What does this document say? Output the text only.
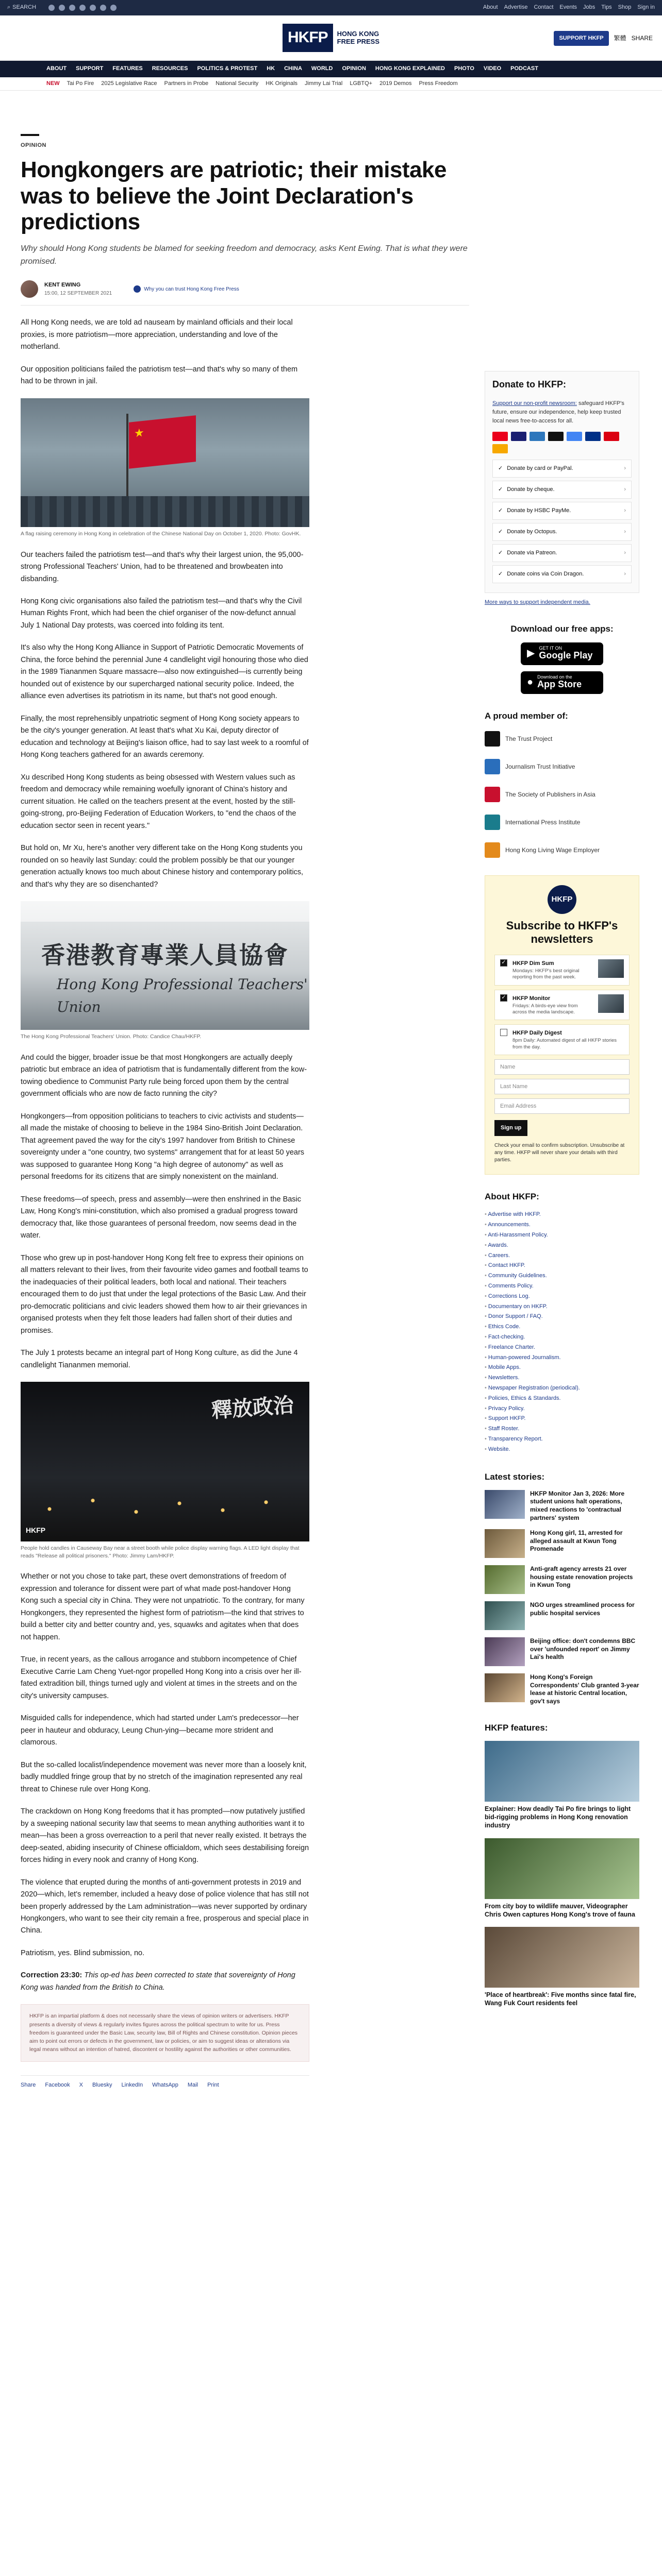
⌕ SEARCH	About Advertise Contact Events Jobs Tips Shop Sign in
HKFP	HONG KONG
FREE PRESS	SUPPORT HKFP	繁體 SHARE
ABOUT SUPPORT FEATURES RESOURCES POLITICS & PROTEST HK CHINA WORLD OPINION HONG KONG EXPLAINED PHOTO VIDEO PODCAST
NEW Tai Po Fire 2025 Legislative Race Partners in Probe National Security HK Originals Jimmy Lai Trial LGBTQ+ 2019 Demos Press Freedom
OPINION
Hongkongers are patriotic; their mistake was to believe the Joint Declaration's predictions
Why should Hong Kong students be blamed for seeking freedom and democracy, asks Kent Ewing. That is what they were promised.
KENT EWING
15:00, 12 SEPTEMBER 2021
Why you can trust Hong Kong Free Press

All Hong Kong needs, we are told ad nauseam by mainland officials and their local proxies, is more patriotism—more appreciation, understanding and love of the motherland.

Our opposition politicians failed the patriotism test—and that's why so many of them had to be thrown in jail.

★
A flag raising ceremony in Hong Kong in celebration of the Chinese National Day on October 1, 2020. Photo: GovHK.

Our teachers failed the patriotism test—and that's why their largest union, the 95,000-strong Professional Teachers' Union, had to be threatened and browbeaten into disbanding.

Hong Kong civic organisations also failed the patriotism test—and that's why the Civil Human Rights Front, which had been the chief organiser of the now-defunct annual July 1 National Day protests, was coerced into folding its tent.

It's also why the Hong Kong Alliance in Support of Patriotic Democratic Movements of China, the force behind the perennial June 4 candlelight vigil honouring those who died in the 1989 Tiananmen Square massacre—also now extinguished—is currently being hounded out of existence by our supercharged national security police. Indeed, the alliance even advertises its patriotism in its name, but that's not good enough.

Finally, the most reprehensibly unpatriotic segment of Hong Kong society appears to be the city's younger generation. At least that's what Xu Kai, deputy director of education and technology at Beijing's liaison office, had to say last week to a roomful of Hong Kong teachers gathered for an awards ceremony.

Xu described Hong Kong students as being obsessed with Western values such as freedom and democracy while remaining woefully ignorant of China's history and current situation. He called on the teachers present at the event, hosted by the still-going-strong, pro-Beijing Federation of Education Workers, to "end the chaos of the education sector seen in recent years."

But hold on, Mr Xu, here's another very different take on the Hong Kong students you rounded on so heavily last Sunday: could the problem possibly be that our younger generation actually knows too much about Chinese history and contemporary politics, and that's why they are so disenchanted?

香港教育專業人員協會
Hong Kong Professional Teachers' Union
The Hong Kong Professional Teachers' Union. Photo: Candice Chau/HKFP.

And could the bigger, broader issue be that most Hongkongers are actually deeply patriotic but embrace an idea of patriotism that is fundamentally different from the kow-towing obedience to Communist Party rule being forced upon them by the central government officials who are now de facto running the city?

Hongkongers—from opposition politicians to teachers to civic activists and students—all made the mistake of choosing to believe in the 1984 Sino-British Joint Declaration. That agreement paved the way for the city's 1997 handover from British to Chinese sovereignty under a "one country, two systems" arrangement that for at least 50 years was supposed to guarantee Hong Kong "a high degree of autonomy" as well as personal freedoms for its citizens that are simply nonexistent on the mainland.

These freedoms—of speech, press and assembly—were then enshrined in the Basic Law, Hong Kong's mini-constitution, which also promised a gradual progress toward democracy that, like those guarantees of personal freedom, now seems dead in the water.

Those who grew up in post-handover Hong Kong felt free to express their opinions on all matters relevant to their lives, from their favourite video games and football teams to the inadequacies of their political leaders, both local and national. Their teachers encouraged them to do just that under the legal protections of the Basic Law. And their pro-democratic politicians and civic leaders showed them how to air their grievances in organised protests when they felt those leaders had fallen short of their duties and promises.

The July 1 protests became an integral part of Hong Kong culture, as did the June 4 candlelight Tiananmen memorial.

釋放政治
HKFP
People hold candles in Causeway Bay near a street booth while police display warning flags. A LED light display that reads "Release all political prisoners." Photo: Jimmy Lam/HKFP.

Whether or not you chose to take part, these overt demonstrations of freedom of expression and tolerance for dissent were part of what made post-handover Hong Kong such a special city in China. They were not unpatriotic. To the contrary, for many Hongkongers, they represented the highest form of patriotism—the kind that strives to build a better city and better country and, yes, squawks and agitates when that does not happen.

True, in recent years, as the callous arrogance and stubborn incompetence of Chief Executive Carrie Lam Cheng Yuet-ngor propelled Hong Kong into a crisis over her ill-fated extradition bill, things turned ugly and violent at times in the streets and on the city's university campuses.

Misguided calls for independence, which had started under Lam's predecessor—her peer in hauteur and obduracy, Leung Chun-ying—became more strident and clamorous.

But the so-called localist/independence movement was never more than a loosely knit, badly muddled fringe group that by no stretch of the imagination represented any real threat to Chinese rule over Hong Kong.

The crackdown on Hong Kong freedoms that it has prompted—now putatively justified by a sweeping national security law that seems to mean anything authorities want it to mean—has been a gross overreaction to a peril that never really existed. It betrays the deep-seated, abiding insecurity of Chinese officialdom, which sees destabilising foreign forces hiding in every nook and cranny of Hong Kong.

The violence that erupted during the months of anti-government protests in 2019 and 2020—which, let's remember, included a heavy dose of police violence that has still not been properly addressed by the Lam administration—was never supported by ordinary Hongkongers, who want to see their city remain a free, prosperous and special place in China.

Patriotism, yes. Blind submission, no.

Correction 23:30: This op-ed has been corrected to state that sovereignty of Hong Kong was handed from the British to China.

HKFP is an impartial platform & does not necessarily share the views of opinion writers or advertisers. HKFP presents a diversity of views & regularly invites figures across the political spectrum to write for us. Press freedom is guaranteed under the Basic Law, security law, Bill of Rights and Chinese constitution. Opinion pieces aim to point out errors or defects in the government, law or policies, or aim to suggest ideas or alterations via legal means without an intention of hatred, discontent or hostility against the authorities or other communities.
Share Facebook X Bluesky LinkedIn WhatsApp Mail Print
Donate to HKFP:
Support our non-profit newsroom: safeguard HKFP's future, ensure our independence, help keep trusted local news free-to-access for all.
✓ Donate by card or PayPal.	›
✓ Donate by cheque.	›
✓ Donate by HSBC PayMe.	›
✓ Donate by Octopus.	›
✓ Donate via Patreon.	›
✓ Donate coins via Coin Dragon.	›
More ways to support independent media.
Download our free apps:
▶ GET IT ON
Google Play
● Download on the
App Store
A proud member of:
The Trust Project
Journalism Trust Initiative
The Society of Publishers in Asia
International Press Institute
Hong Kong Living Wage Employer
HKFP
Subscribe to HKFP's newsletters
✓ HKFP Dim Sum
Mondays: HKFP's best original reporting from the past week.
✓ HKFP Monitor
Fridays: A birds-eye view from across the media landscape.
HKFP Daily Digest
8pm Daily: Automated digest of all HKFP stories from the day.
Name
Last Name
Email Address
Sign up
Check your email to confirm subscription. Unsubscribe at any time. HKFP will never share your details with third parties.
About HKFP:
• Advertise with HKFP.
• Announcements.
• Anti-Harassment Policy.
• Awards.
• Careers.
• Contact HKFP.
• Community Guidelines.
• Comments Policy.
• Corrections Log.
• Documentary on HKFP.
• Donor Support / FAQ.
• Ethics Code.
• Fact-checking.
• Freelance Charter.
• Human-powered Journalism.
• Mobile Apps.
• Newsletters.
• Newspaper Registration (periodical).
• Policies, Ethics & Standards.
• Privacy Policy.
• Support HKFP.
• Staff Roster.
• Transparency Report.
• Website.
Latest stories:
HKFP Monitor Jan 3, 2026: More student unions halt operations, mixed reactions to 'contractual partners' system
Hong Kong girl, 11, arrested for alleged assault at Kwun Tong Promenade
Anti-graft agency arrests 21 over housing estate renovation projects in Kwun Tong
NGO urges streamlined process for public hospital services
Beijing office: don't condemns BBC over 'unfounded report' on Jimmy Lai's health
Hong Kong's Foreign Correspondents' Club granted 3-year lease at historic Central location, gov't says
HKFP features:
Explainer: How deadly Tai Po fire brings to light bid-rigging problems in Hong Kong renovation industry
From city boy to wildlife mauver, Videographer Chris Owen captures Hong Kong's trove of fauna
'Place of heartbreak': Five months since fatal fire, Wang Fuk Court residents feel
